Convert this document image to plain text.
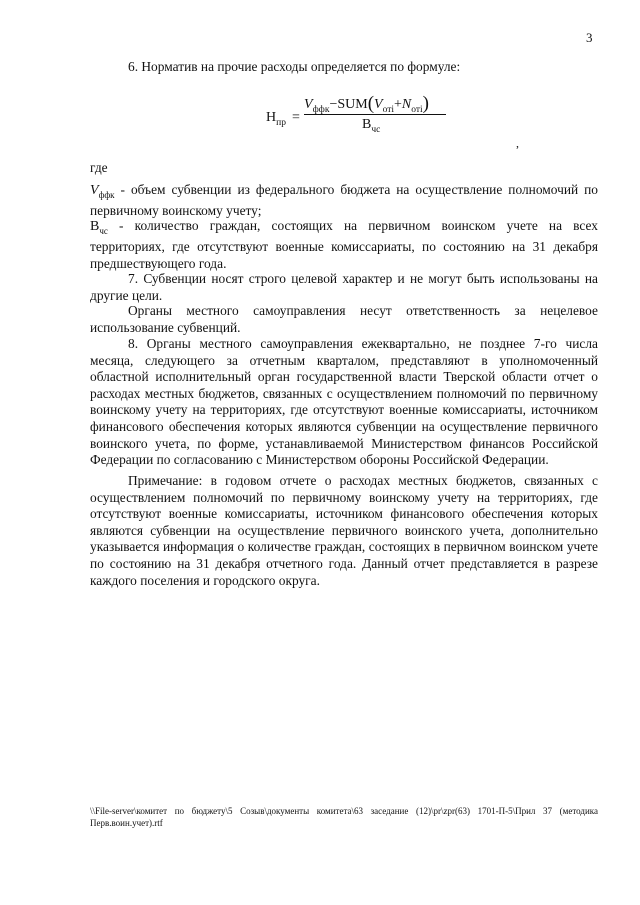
3
6. Норматив на прочие расходы определяется по формуле:
$Н_{пр}$ =
$V_{ффк}-SUM(V_{отi}+N_{отi})$
$В_{чс}$
,
где
$V_{ффк}$ - объем субвенции из федерального бюджета на осуществление полномочий по первичному воинскому учету;
$В_{чс}$ - количество граждан, состоящих на первичном воинском учете на всех территориях, где отсутствуют военные комиссариаты, по состоянию на 31 декабря предшествующего года.
7. Субвенции носят строго целевой характер и не могут быть использованы на другие цели.
Органы местного самоуправления несут ответственность за нецелевое
использование субвенций.
8. Органы местного самоуправления ежеквартально, не позднее 7-го числа месяца, следующего за отчетным кварталом, представляют в уполномоченный областной исполнительный орган государственной власти Тверской области отчет о расходах местных бюджетов, связанных с осуществлением полномочий по первичному воинскому учету на территориях, где отсутствуют военные комиссариаты, источником финансового обеспечения которых являются субвенции на осуществление первичного воинского учета, по форме, устанавливаемой Министерством финансов Российской Федерации по согласованию с Министерством обороны Российской Федерации.
Примечание: в годовом отчете о расходах местных бюджетов, связанных с осуществлением полномочий по первичному воинскому учету на территориях, где отсутствуют военные комиссариаты, источником финансового обеспечения которых являются субвенции на осуществление первичного воинского учета, дополнительно указывается информация о количестве граждан, состоящих в первичном воинском учете по состоянию на 31 декабря отчетного года. Данный отчет представляется в разрезе каждого поселения и городского округа.
\\File-server\комитет по бюджету\5 Созыв\документы комитета\63 заседание (12)\pr\zpr(63) 1701-П-5\Прил 37 (методика Перв.воин.учет).rtf
